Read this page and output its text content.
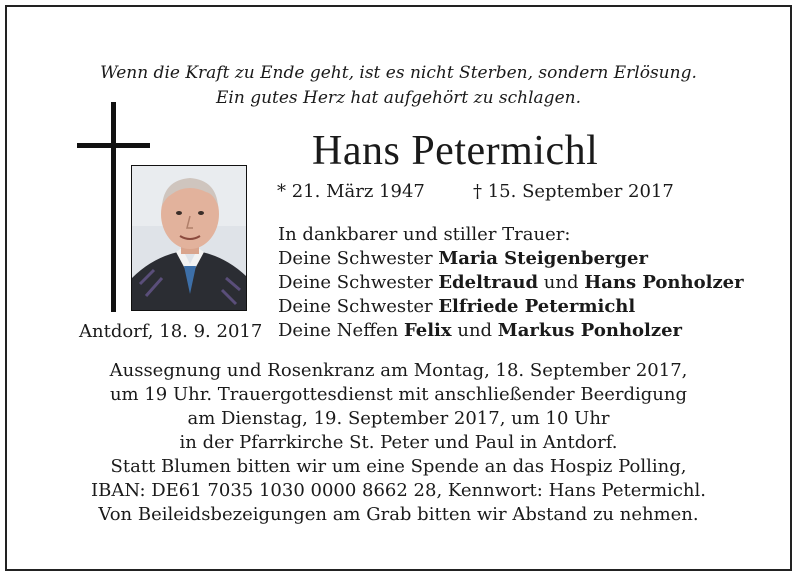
Wenn die Kraft zu Ende geht, ist es nicht Sterben, sondern Erlösung.
Ein gutes Herz hat aufgehört zu schlagen.
Hans Petermichl
* 21. März 1947	† 15. September 2017
In dankbarer und stiller Trauer:
Deine Schwester Maria Steigenberger
Deine Schwester Edeltraud und Hans Ponholzer
Deine Schwester Elfriede Petermichl
Deine Neffen Felix und Markus Ponholzer
Antdorf, 18. 9. 2017
Aussegnung und Rosenkranz am Montag, 18. September 2017,
um 19 Uhr. Trauergottesdienst mit anschließender Beerdigung
am Dienstag, 19. September 2017, um 10 Uhr
in der Pfarrkirche St. Peter und Paul in Antdorf.
Statt Blumen bitten wir um eine Spende an das Hospiz Polling,
IBAN: DE61 7035 1030 0000 8662 28, Kennwort: Hans Petermichl.
Von Beileidsbezeigungen am Grab bitten wir Abstand zu nehmen.
